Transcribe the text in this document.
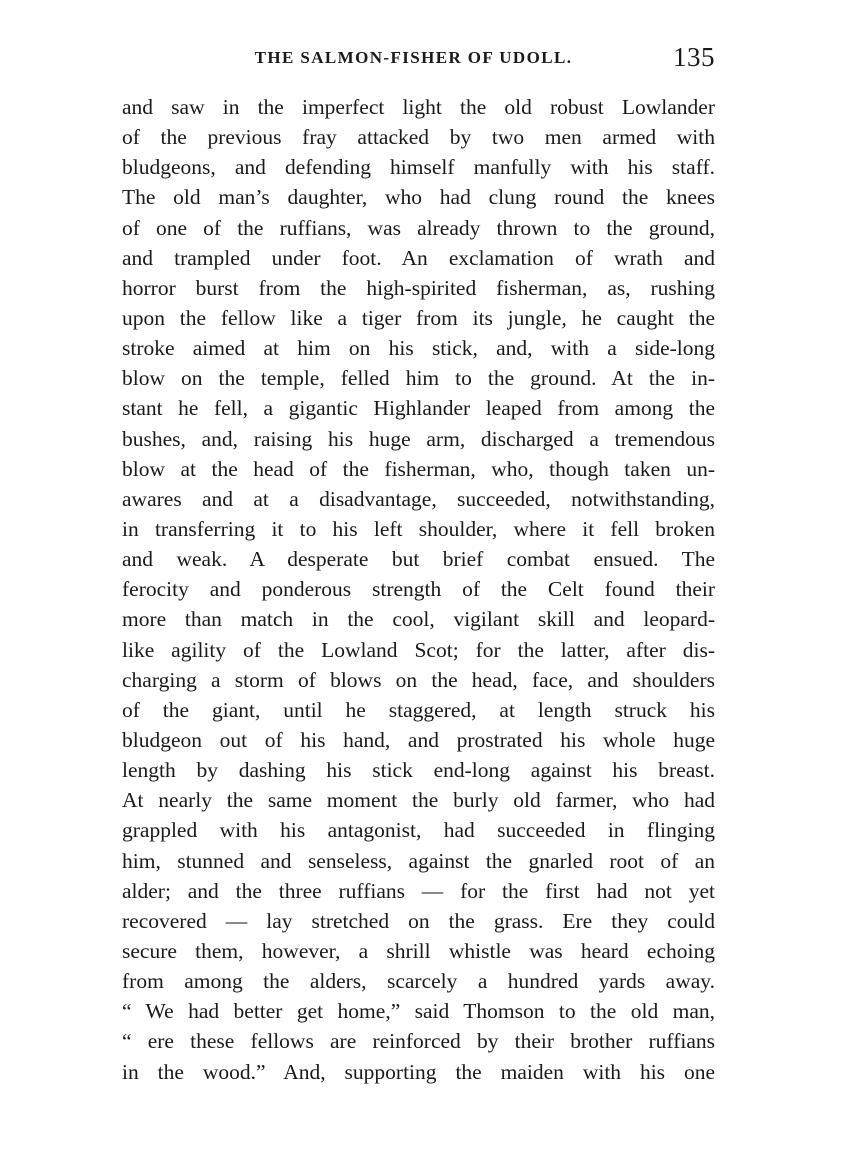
THE SALMON-FISHER OF UDOLL.	135
and saw in the imperfect light the old robust Lowlander
of the previous fray attacked by two men armed with
bludgeons, and defending himself manfully with his staff.
The old man’s daughter, who had clung round the knees
of one of the ruffians, was already thrown to the ground,
and trampled under foot. An exclamation of wrath and
horror burst from the high-spirited fisherman, as, rushing
upon the fellow like a tiger from its jungle, he caught the
stroke aimed at him on his stick, and, with a side-long
blow on the temple, felled him to the ground. At the in-
stant he fell, a gigantic Highlander leaped from among the
bushes, and, raising his huge arm, discharged a tremendous
blow at the head of the fisherman, who, though taken un-
awares and at a disadvantage, succeeded, notwithstanding,
in transferring it to his left shoulder, where it fell broken
and weak. A desperate but brief combat ensued. The
ferocity and ponderous strength of the Celt found their
more than match in the cool, vigilant skill and leopard-
like agility of the Lowland Scot; for the latter, after dis-
charging a storm of blows on the head, face, and shoulders
of the giant, until he staggered, at length struck his
bludgeon out of his hand, and prostrated his whole huge
length by dashing his stick end-long against his breast.
At nearly the same moment the burly old farmer, who had
grappled with his antagonist, had succeeded in flinging
him, stunned and senseless, against the gnarled root of an
alder; and the three ruffians — for the first had not yet
recovered — lay stretched on the grass. Ere they could
secure them, however, a shrill whistle was heard echoing
from among the alders, scarcely a hundred yards away.
“ We had better get home,” said Thomson to the old man,
“ ere these fellows are reinforced by their brother ruffians
in the wood.” And, supporting the maiden with his one
